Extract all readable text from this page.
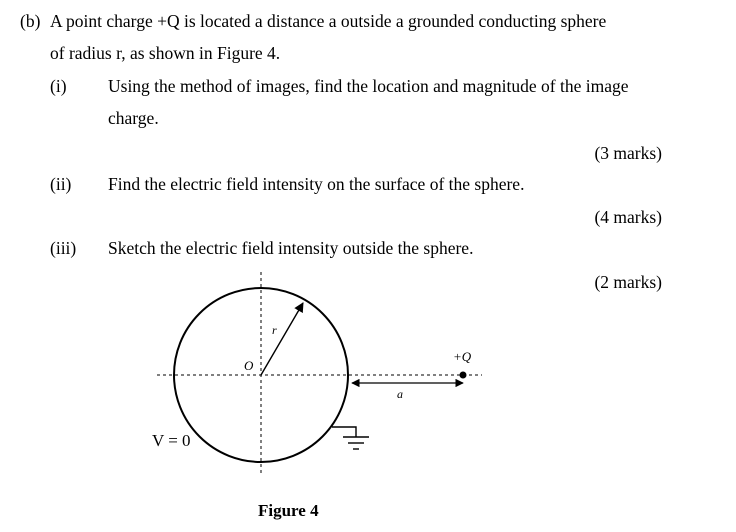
(b) A point charge +Q is located a distance a outside a grounded conducting sphere
of radius r, as shown in Figure 4.
(i) Using the method of images, find the location and magnitude of the image
charge.
(3 marks)
(ii) Find the electric field intensity on the surface of the sphere.
(4 marks)
(iii) Sketch the electric field intensity outside the sphere.
(2 marks)
r
O
+Q
a
V = 0
Figure 4
